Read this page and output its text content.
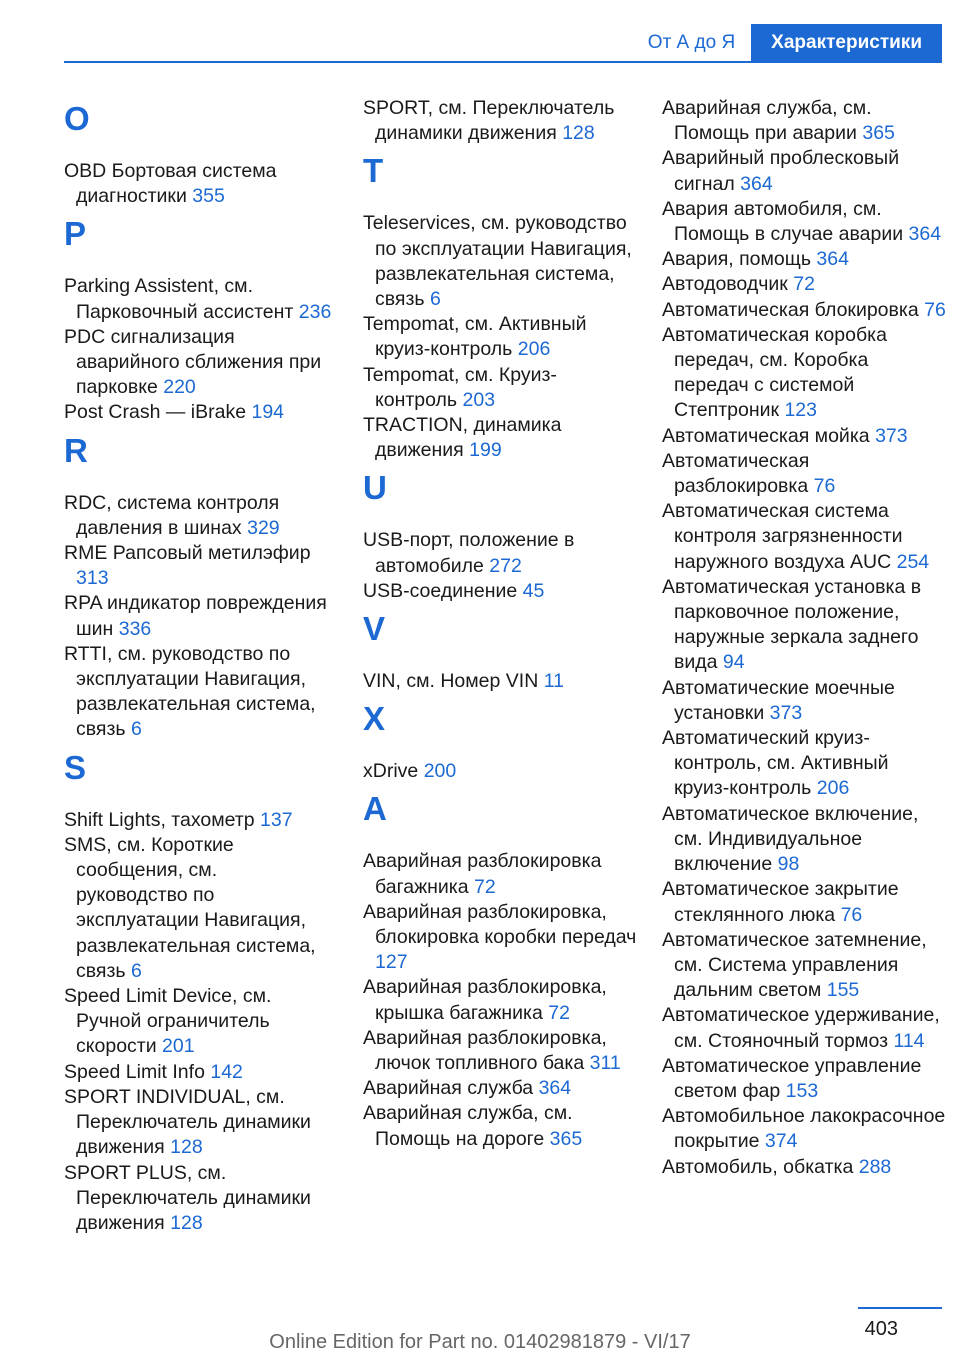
От А до Я	Характеристики
O
OBD Бортовая система диагностики 355
P
Parking Assistent, см. Парковочный ассистент 236
PDC сигнализация аварийного сближения при парковке 220
Post Crash — iBrake 194
R
RDC, система контроля давления в шинах 329
RME Рапсовый метилэфир 313
RPA индикатор повреждения шин 336
RTTI, см. руководство по эксплуатации Навигация, развлекательная система, связь 6
S
Shift Lights, тахометр 137
SMS, см. Короткие сообщения, см. руководство по эксплуатации Навигация, развлекательная система, связь 6
Speed Limit Device, см. Ручной ограничитель скорости 201
Speed Limit Info 142
SPORT INDIVIDUAL, см. Переключатель динамики движения 128
SPORT PLUS, см. Переключатель динамики движения 128
SPORT, см. Переключатель динамики движения 128
T
Teleservices, см. руководство по эксплуатации Навигация, развлекательная система, связь 6
Tempomat, см. Активный круиз-контроль 206
Tempomat, см. Круиз-контроль 203
TRACTION, динамика движения 199
U
USB-порт, положение в автомобиле 272
USB-соединение 45
V
VIN, см. Номер VIN 11
X
xDrive 200
А
Аварийная разблокировка багажника 72
Аварийная разблокировка, блокировка коробки передач 127
Аварийная разблокировка, крышка багажника 72
Аварийная разблокировка, лючок топливного бака 311
Аварийная служба 364
Аварийная служба, см. Помощь на дороге 365
Аварийная служба, см. Помощь при аварии 365
Аварийный проблесковый сигнал 364
Авария автомобиля, см. Помощь в случае аварии 364
Авария, помощь 364
Автодоводчик 72
Автоматическая блокировка 76
Автоматическая коробка передач, см. Коробка передач с системой Стептроник 123
Автоматическая мойка 373
Автоматическая разблокировка 76
Автоматическая система контроля загрязненности наружного воздуха AUC 254
Автоматическая установка в парковочное положение, наружные зеркала заднего вида 94
Автоматические моечные установки 373
Автоматический круиз-контроль, см. Активный круиз-контроль 206
Автоматическое включение, см. Индивидуальное включение 98
Автоматическое закрытие стеклянного люка 76
Автоматическое затемнение, см. Система управления дальним светом 155
Автоматическое удерживание, см. Стояночный тормоз 114
Автоматическое управление светом фар 153
Автомобильное лакокрасочное покрытие 374
Автомобиль, обкатка 288
403
Online Edition for Part no. 01402981879 - VI/17
